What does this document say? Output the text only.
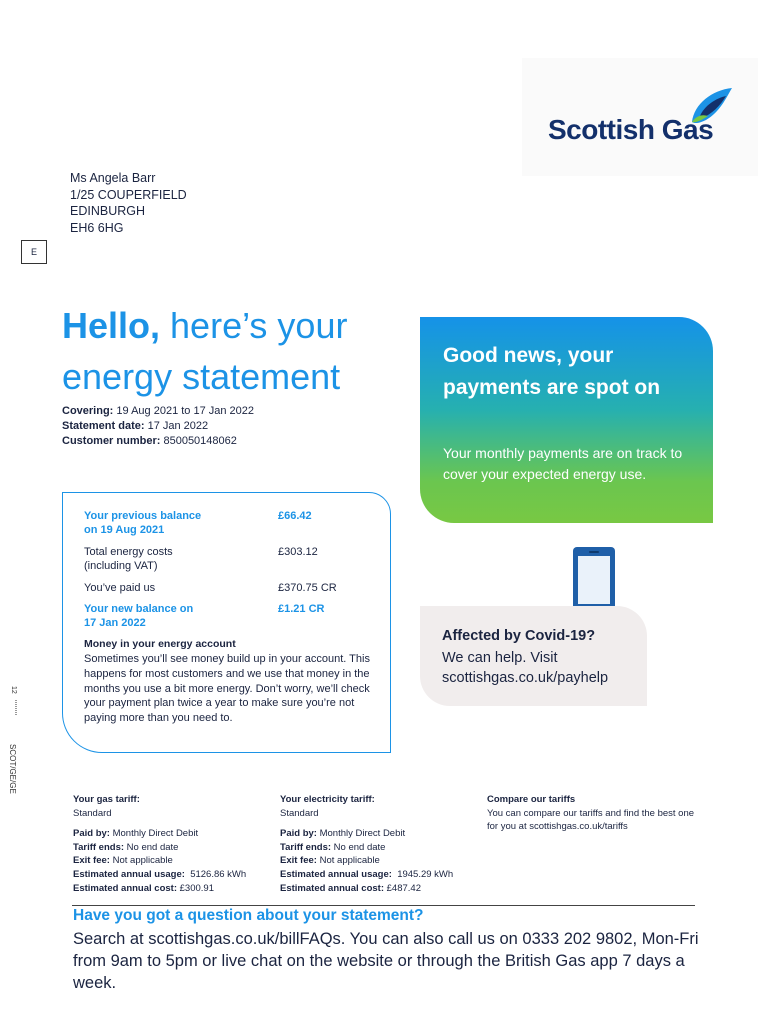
Scottish Gas
Ms Angela Barr
1/25 COUPERFIELD
EDINBURGH
EH6 6HG
E
Hello, here’s your energy statement
Covering: 19 Aug 2021 to 17 Jan 2022
Statement date: 17 Jan 2022
Customer number: 850050148062
Good news, your payments are spot on
Your monthly payments are on track to cover your expected energy use.
Your previous balance
on 19 Aug 2021
£66.42
Total energy costs
(including VAT)
£303.12
You’ve paid us	£370.75 CR
Your new balance on
17 Jan 2022
£1.21 CR
Money in your energy account
Sometimes you’ll see money build up in your account. This happens for most customers and we use that money in the months you use a bit more energy. Don’t worry, we’ll check your payment plan twice a year to make sure you’re not paying more than you need to.
Affected by Covid-19?
We can help. Visit scottishgas.co.uk/payhelp
12
SCOT/GE/GE
Your gas tariff:
Standard
Paid by: Monthly Direct Debit
Tariff ends: No end date
Exit fee: Not applicable
Estimated annual usage: 5126.86 kWh
Estimated annual cost: £300.91
Your electricity tariff:
Standard
Paid by: Monthly Direct Debit
Tariff ends: No end date
Exit fee: Not applicable
Estimated annual usage: 1945.29 kWh
Estimated annual cost: £487.42
Compare our tariffs
You can compare our tariffs and find the best one for you at scottishgas.co.uk/tariffs
Have you got a question about your statement?
Search at scottishgas.co.uk/billFAQs. You can also call us on 0333 202 9802, Mon-Fri from 9am to 5pm or live chat on the website or through the British Gas app 7 days a week.
